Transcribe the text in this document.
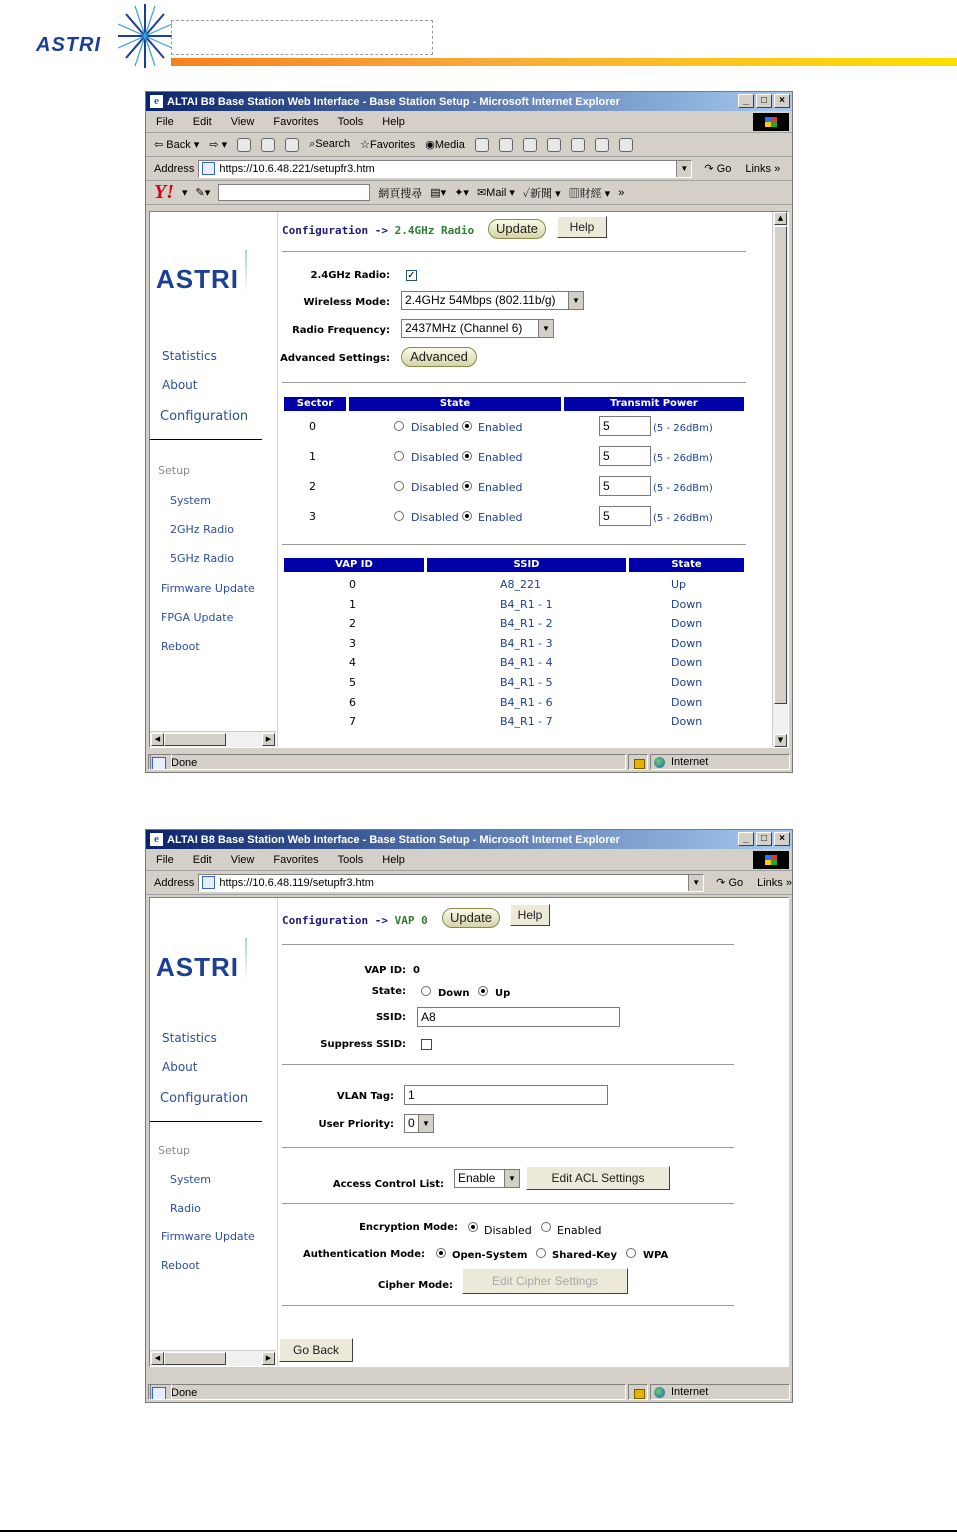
ASTRI
e ALTAI B8 Base Station Web Interface - Base Station Setup - Microsoft Internet Explorer	_	□	×
File Edit View Favorites Tools Help
⇦ Back ▾ ⇨ ▾	⌕Search ☆Favorites ◉Media
Address https://10.6.48.221/setupfr3.htm	▼ ↷ Go Links »
Y! ▾ ✎▾	網頁搜尋 ▤▾ ✦▾ ✉Mail ▾ ✓新聞 ▾ ▥財經 ▾ »
ASTRI
Statistics
About
Configuration
Setup
System
2GHz Radio
5GHz Radio
Firmware Update
FPGA Update
Reboot
◀	▶
Configuration -> 2.4GHz Radio	Update	Help
2.4GHz Radio: ✓
Wireless Mode:	2.4GHz 54Mbps (802.11b/g)	▼
Radio Frequency:	2437MHz (Channel 6)	▼
Advanced Settings:	Advanced
Sector	State	Transmit Power
0	Disabled Enabled	5	(5 - 26dBm)
1	Disabled Enabled	5	(5 - 26dBm)
2	Disabled Enabled	5	(5 - 26dBm)
3	Disabled Enabled	5	(5 - 26dBm)
VAP ID	SSID	State
0	A8_221	Up
1	B4_R1 - 1	Down
2	B4_R1 - 2	Down
3	B4_R1 - 3	Down
4	B4_R1 - 4	Down
5	B4_R1 - 5	Down
6	B4_R1 - 6	Down
7	B4_R1 - 7	Down
▲
▼
Done	Internet
e ALTAI B8 Base Station Web Interface - Base Station Setup - Microsoft Internet Explorer	_	□	×
File Edit View Favorites Tools Help
Address https://10.6.48.119/setupfr3.htm	▼ ↷ Go Links »
ASTRI
Statistics
About
Configuration
Setup
System
Radio
Firmware Update
Reboot
◀	▶
Configuration -> VAP 0	Update	Help
VAP ID: 0
State:	Down	Up
SSID:	A8
Suppress SSID:
VLAN Tag:	1
User Priority:	0 ▼
Access Control List:	Enable	▼	Edit ACL Settings
Encryption Mode: Disabled Enabled
Authentication Mode:	Open-System Shared-Key	WPA
Cipher Mode:	Edit Cipher Settings
Go Back
Done	Internet
